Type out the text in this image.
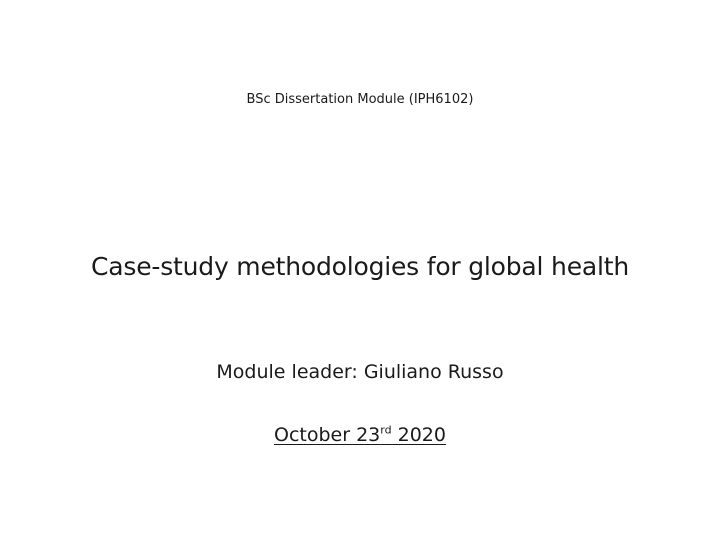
BSc Dissertation Module (IPH6102)
Case-study methodologies for global health
Module leader: Giuliano Russo
October 23rd 2020
